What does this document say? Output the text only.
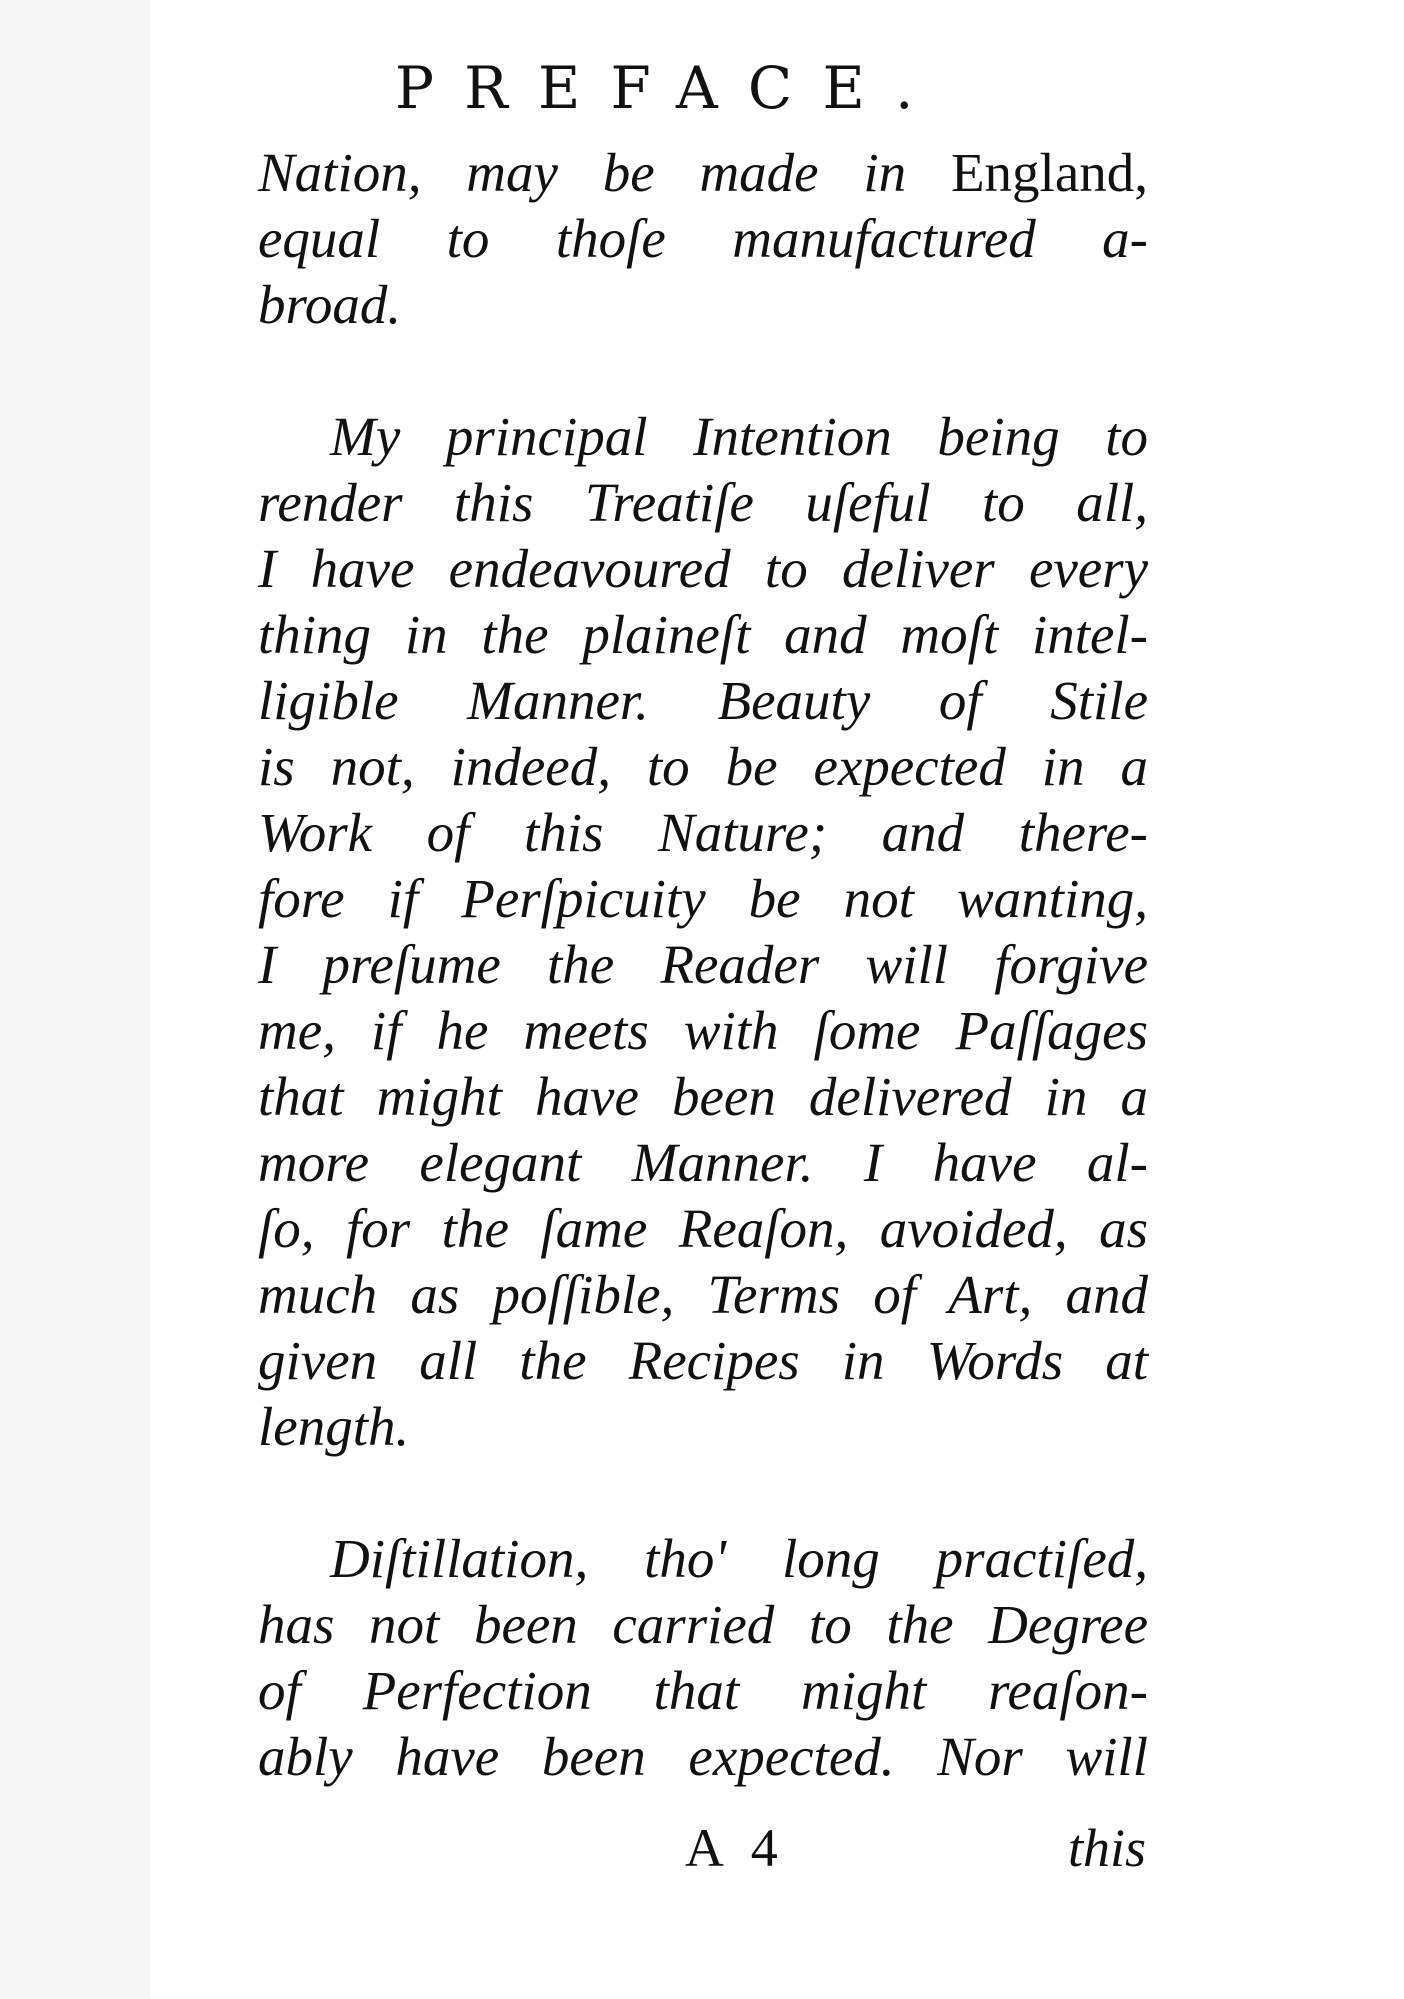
PREFACE.
Nation, may be made in England,
equal to thoſe manufactured a-
broad.
My principal Intention being to
render this Treatiſe uſeful to all,
I have endeavoured to deliver every
thing in the plaineſt and moſt intel-
ligible Manner. Beauty of Stile
is not, indeed, to be expected in a
Work of this Nature; and there-
fore if Perſpicuity be not wanting,
I preſume the Reader will forgive
me, if he meets with ſome Paſſages
that might have been delivered in a
more elegant Manner. I have al-
ſo, for the ſame Reaſon, avoided, as
much as poſſible, Terms of Art, and
given all the Recipes in Words at
length.
Diſtillation, tho' long practiſed,
has not been carried to the Degree
of Perfection that might reaſon-
ably have been expected. Nor will
A 4	this
